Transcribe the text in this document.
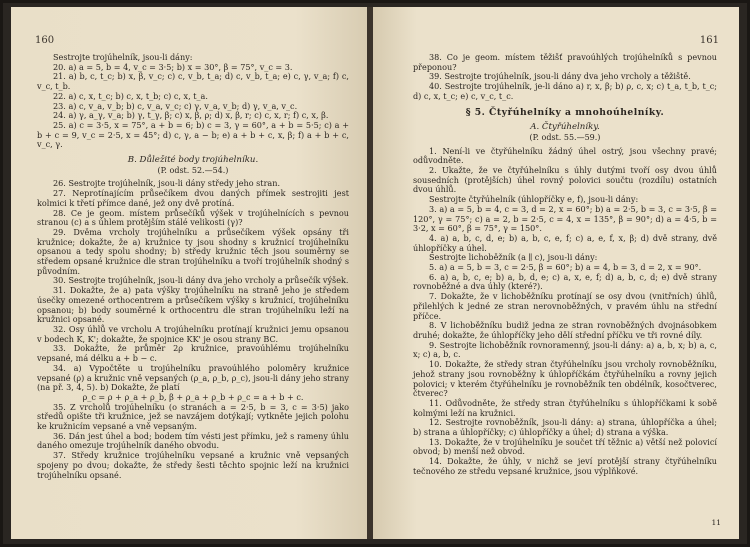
160

Sestrojte trojúhelník, jsou-li dány:

20. a) a = 5, b = 4, v_c = 3·5; b) x = 30°, β = 75°, v_c = 3.

21. a) b, c, t_c; b) x, β, v_c; c) c, v_b, t_a; d) c, v_b, t_a; e) c, γ, v_a; f) c, v_c, t_b.

22. a) c, x, t_c; b) c, x, t_b; c) c, x, t_a.

23. a) c, v_a, v_b; b) c, v_a, v_c; c) γ, v_a, v_b; d) γ, v_a, v_c.

24. a) γ, a_γ, v_a; b) γ, t_γ, β; c) x, β, ρ; d) x, β, r; c) c, x, r; f) c, x, β.

25. a) c = 3·5, x = 75°, a + b = 6; b) c = 3, γ = 60°, a + b = 5·5; c) a + b + c = 9, v_c = 2·5, x = 45°; d) c, γ, a − b; e) a + b + c, x, β; f) a + b + c, v_c, γ.

B. Důležité body trojúhelníku.

(P. odst. 52.—54.)

26. Sestrojte trojúhelník, jsou-li dány středy jeho stran.

27. Neprotínajícím průsečíkem dvou daných přímek sestrojiti jest kolmici k třetí přímce dané, jež ony dvě protíná.

28. Ce je geom. místem průsečíků výšek v trojúhelnících s pevnou stranou (c) a s úhlem protějším stálé velikosti (γ)?

29. Dvěma vrcholy trojúhelníku a průsečíkem výšek opsány tři kružnice; dokažte, že a) kružnice ty jsou shodny s kružnicí trojúhelníku opsanou a tedy spolu shodny; b) středy kružnic těch jsou souměrny se středem opsané kružnice dle stran trojúhelníku a tvoří trojúhelník shodný s původním.

30. Sestrojte trojúhelník, jsou-li dány dva jeho vrcholy a průsečík výšek.

31. Dokažte, že a) pata výšky trojúhelníku na straně jeho je středem úsečky omezené orthocentrem a průsečíkem výšky s kružnicí, trojúhelníku opsanou; b) body souměrné k orthocentru dle stran trojúhelníku leží na kružnici opsané.

32. Osy úhlů ve vrcholu A trojúhelníku protínají kružnici jemu opsanou v bodech K, K'; dokažte, že spojnice KK' je osou strany BC.

33. Dokažte, že průměr 2ρ kružnice, pravoúhlému trojúhelníku vepsané, má délku a + b − c.

34. a) Vypočtěte u trojúhelníku pravoúhlého poloměry kružnice vepsané (ρ) a kružnic vně vepsaných (ρ_a, ρ_b, ρ_c), jsou-li dány jeho strany (na př. 3, 4, 5). b) Dokažte, že platí

ρ_c = ρ + ρ_a + ρ_b, β + ρ_a + ρ_b + ρ_c = a + b + c.

35. Z vrcholů trojúhelníku (o stranách a = 2·5, b = 3, c = 3·5) jako středů opište tři kružnice, jež se navzájem dotýkají; vytkněte jejich polohu ke kružnicím vepsané a vně vepsaným.

36. Dán jest úhel a bod; bodem tím vésti jest přímku, jež s rameny úhlu daného omezuje trojúhelník daného obvodu.

37. Středy kružnice trojúhelníku vepsané a kružnic vně vepsaných spojeny po dvou; dokažte, že středy šesti těchto spojnic leží na kružnici trojúhelníku opsané.

161

38. Co je geom. místem těžišť pravoúhlých trojúhelníků s pevnou přeponou?

39. Sestrojte trojúhelník, jsou-li dány dva jeho vrcholy a těžiště.

40. Sestrojte trojúhelník, je-li dáno a) r, x, β; b) ρ, c, x; c) t_a, t_b, t_c; d) c, x, t_c; e) c, v_c, t_c.

§ 5. Čtyřúhelníky a mnohoúhelníky.

A. Čtyřúhelníky.

(P. odst. 55.—59.)

1. Není-li ve čtyřúhelníku žádný úhel ostrý, jsou všechny pravé; odůvodněte.

2. Ukažte, že ve čtyřúhelníku s úhly dutými tvoří osy dvou úhlů sousedních (protějších) úhel rovný polovici součtu (rozdílu) ostatních dvou úhlů.

Sestrojte čtyřúhelník (úhlopříčky e, f), jsou-li dány:

3. a) a = 5, b = 4, c = 3, d = 2, x = 60°; b) a = 2·5, b = 3, c = 3·5, β = 120°, γ = 75°; c) a = 2, b = 2·5, c = 4, x = 135°, β = 90°; d) a = 4·5, b = 3·2, x = 60°, β = 75°, γ = 150°.

4. a) a, b, c, d, e; b) a, b, c, e, f; c) a, e, f, x, β; d) dvě strany, dvě úhlopříčky a úhel.

Sestrojte lichoběžník (a ∥ c), jsou-li dány:

5. a) a = 5, b = 3, c = 2·5, β = 60°; b) a = 4, b = 3, d = 2, x = 90°.

6. a) a, b, c, e; b) a, b, d, e; c) a, x, e, f; d) a, b, c, d; e) dvě strany rovnoběžné a dva úhly (které?).

7. Dokažte, že v lichoběžníku protínají se osy dvou (vnitřních) úhlů, přilehlých k jedné ze stran nerovnoběžných, v pravém úhlu na střední příčce.

8. V lichoběžníku budiž jedna ze stran rovnoběžných dvojnásobkem druhé; dokažte, že úhlopříčky jeho dělí střední příčku ve tři rovné díly.

9. Sestrojte lichoběžník rovnoramenný, jsou-li dány: a) a, b, x; b) a, c, x; c) a, b, c.

10. Dokažte, že středy stran čtyřúhelníku jsou vrcholy rovnoběžníku, jehož strany jsou rovnoběžny k úhlopříčkám čtyřúhelníku a rovny jejich polovici; v kterém čtyřúhelníku je rovnoběžník ten obdélník, kosočtverec, čtverec?

11. Odůvodněte, že středy stran čtyřúhelníku s úhlopříčkami k sobě kolmými leží na kružnici.

12. Sestrojte rovnoběžník, jsou-li dány: a) strana, úhlopříčka a úhel; b) strana a úhlopříčky; c) úhlopříčky a úhel; d) strana a výška.

13. Dokažte, že v trojúhelníku je součet tří těžnic a) větší než polovicí obvod; b) menší než obvod.

14. Dokažte, že úhly, v nichž se jeví protější strany čtyřúhelníku tečnového ze středu vepsané kružnice, jsou výplňkové.

11
